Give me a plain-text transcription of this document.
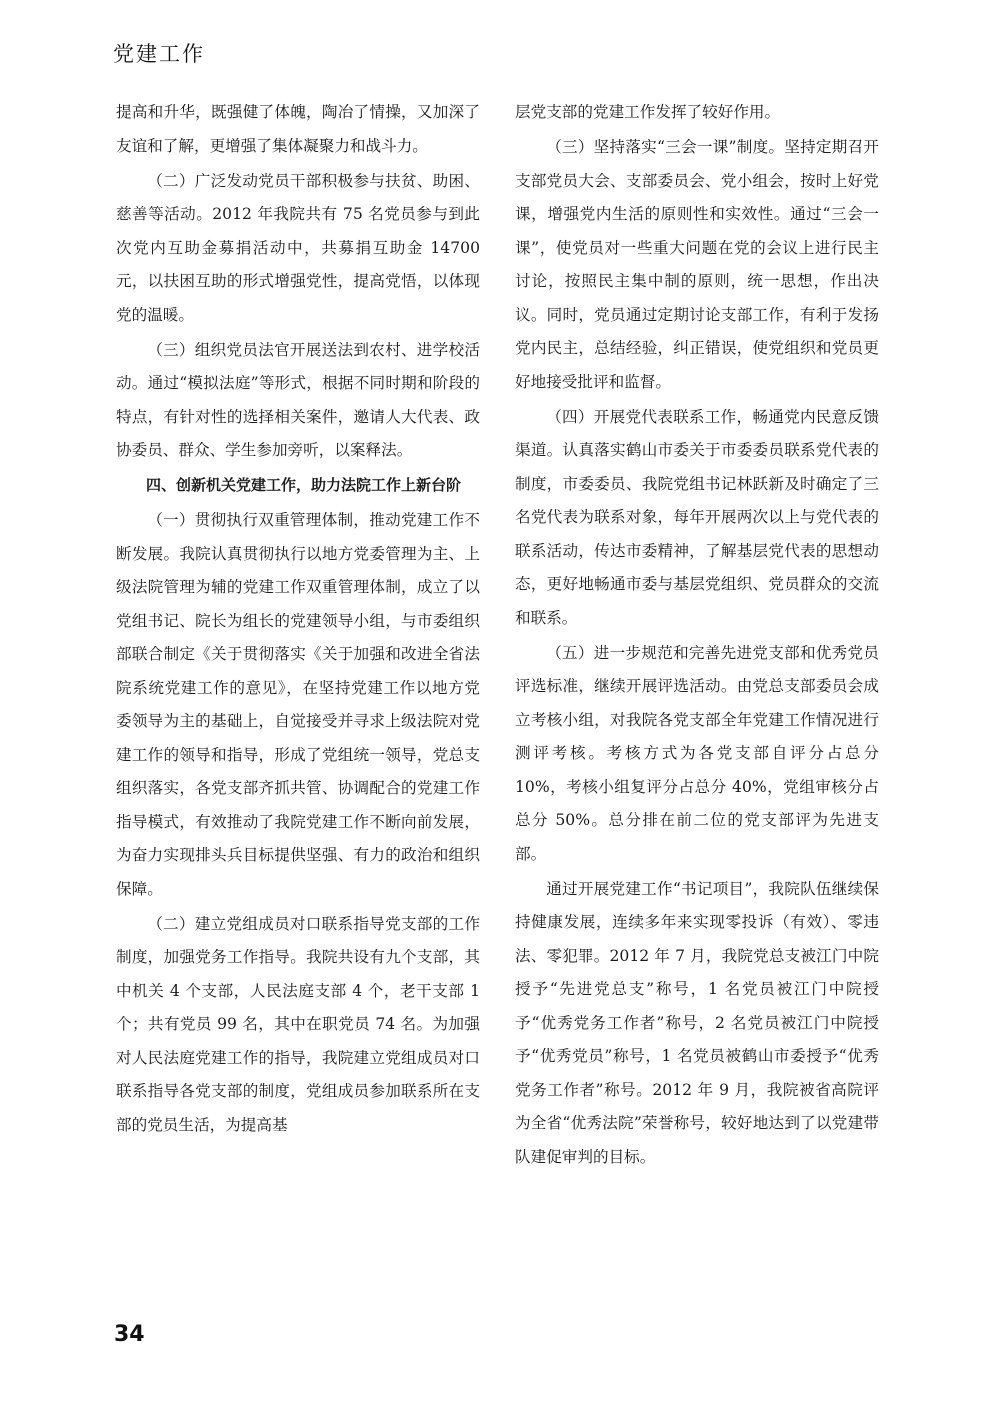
党建工作

提高和升华，既强健了体魄，陶冶了情操，又加深了友谊和了解，更增强了集体凝聚力和战斗力。

（二）广泛发动党员干部积极参与扶贫、助困、慈善等活动。2012 年我院共有 75 名党员参与到此次党内互助金募捐活动中，共募捐互助金 14700 元，以扶困互助的形式增强党性，提高党悟，以体现党的温暖。

（三）组织党员法官开展送法到农村、进学校活动。通过“模拟法庭”等形式，根据不同时期和阶段的特点，有针对性的选择相关案件，邀请人大代表、政协委员、群众、学生参加旁听，以案释法。

四、创新机关党建工作，助力法院工作上新台阶

（一）贯彻执行双重管理体制，推动党建工作不断发展。我院认真贯彻执行以地方党委管理为主、上级法院管理为辅的党建工作双重管理体制，成立了以党组书记、院长为组长的党建领导小组，与市委组织部联合制定《关于贯彻落实《关于加强和改进全省法院系统党建工作的意见》，在坚持党建工作以地方党委领导为主的基础上，自觉接受并寻求上级法院对党建工作的领导和指导，形成了党组统一领导，党总支组织落实，各党支部齐抓共管、协调配合的党建工作指导模式，有效推动了我院党建工作不断向前发展，为奋力实现排头兵目标提供坚强、有力的政治和组织保障。

（二）建立党组成员对口联系指导党支部的工作制度，加强党务工作指导。我院共设有九个支部，其中机关 4 个支部，人民法庭支部 4 个，老干支部 1 个；共有党员 99 名，其中在职党员 74 名。为加强对人民法庭党建工作的指导，我院建立党组成员对口联系指导各党支部的制度，党组成员参加联系所在支部的党员生活，为提高基

层党支部的党建工作发挥了较好作用。

（三）坚持落实“三会一课”制度。坚持定期召开支部党员大会、支部委员会、党小组会，按时上好党课，增强党内生活的原则性和实效性。通过“三会一课”，使党员对一些重大问题在党的会议上进行民主讨论，按照民主集中制的原则，统一思想，作出决议。同时，党员通过定期讨论支部工作，有利于发扬党内民主，总结经验，纠正错误，使党组织和党员更好地接受批评和监督。

（四）开展党代表联系工作，畅通党内民意反馈渠道。认真落实鹤山市委关于市委委员联系党代表的制度，市委委员、我院党组书记林跃新及时确定了三名党代表为联系对象，每年开展两次以上与党代表的联系活动，传达市委精神，了解基层党代表的思想动态，更好地畅通市委与基层党组织、党员群众的交流和联系。

（五）进一步规范和完善先进党支部和优秀党员评选标准，继续开展评选活动。由党总支部委员会成立考核小组，对我院各党支部全年党建工作情况进行测评考核。考核方式为各党支部自评分占总分 10%，考核小组复评分占总分 40%，党组审核分占总分 50%。总分排在前二位的党支部评为先进支部。

通过开展党建工作“书记项目”，我院队伍继续保持健康发展，连续多年来实现零投诉（有效）、零违法、零犯罪。2012 年 7 月，我院党总支被江门中院授予“先进党总支”称号，1 名党员被江门中院授予“优秀党务工作者”称号，2 名党员被江门中院授予“优秀党员”称号，1 名党员被鹤山市委授予“优秀党务工作者”称号。2012 年 9 月，我院被省高院评为全省“优秀法院”荣誉称号，较好地达到了以党建带队建促审判的目标。

34
